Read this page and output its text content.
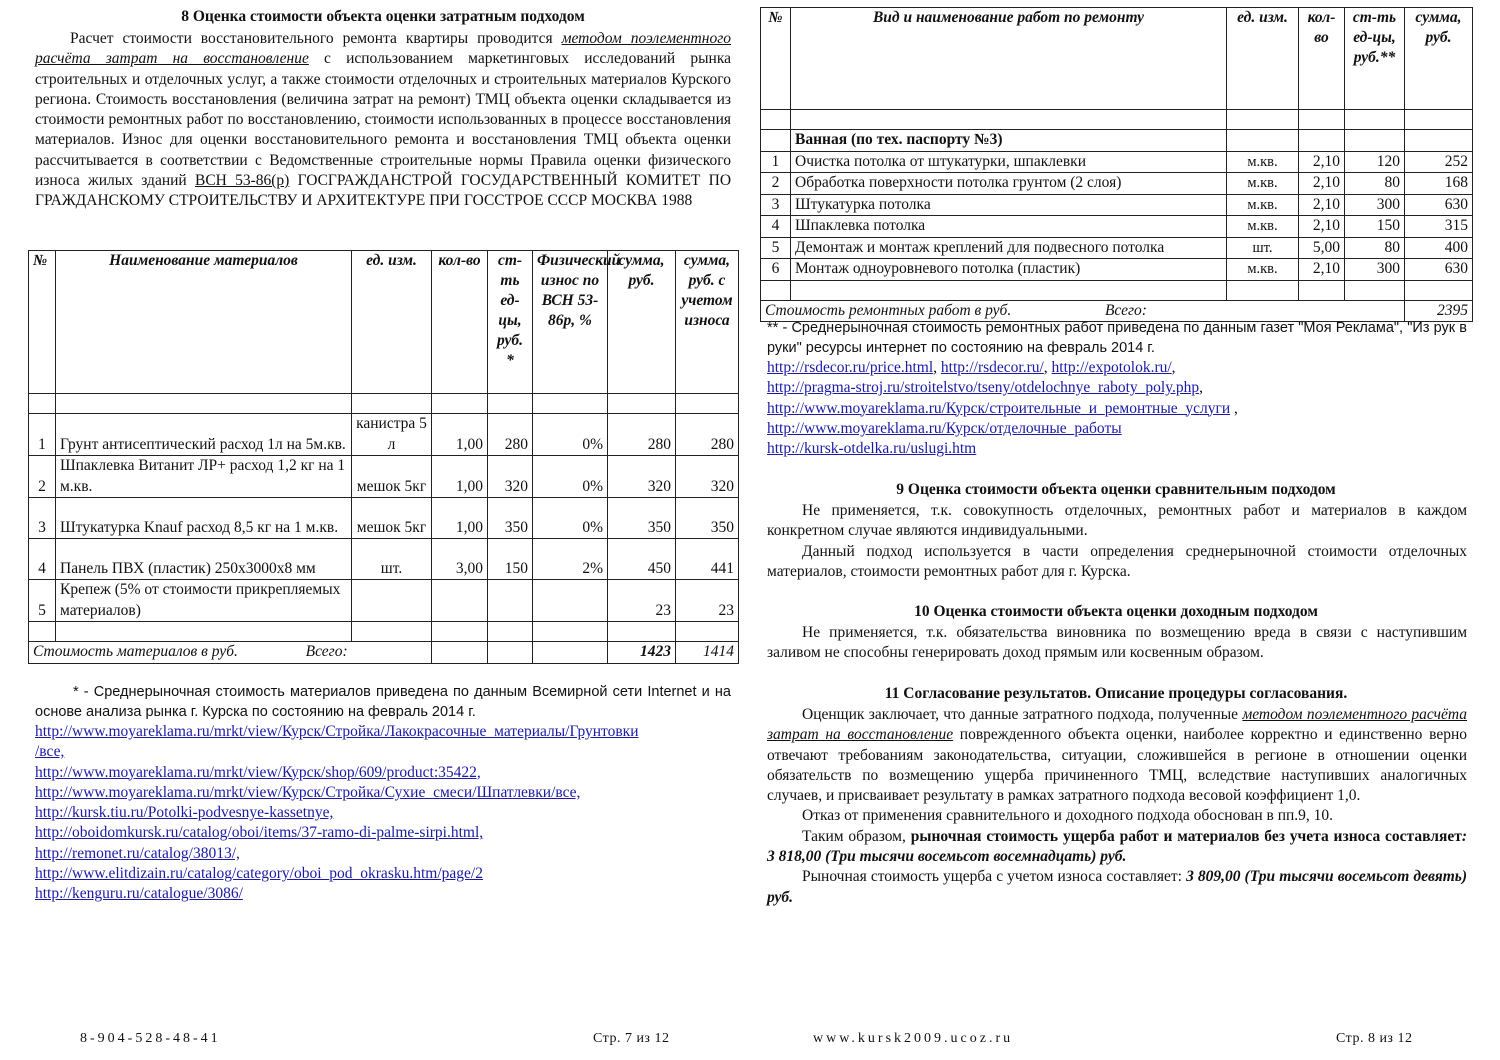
8 Оценка стоимости объекта оценки затратным подходом
Расчет стоимости восстановительного ремонта квартиры проводится методом поэлементного расчёта затрат на восстановление с использованием маркетинговых исследований рынка строительных и отделочных услуг, а также стоимости отделочных и строительных материалов Курского региона. Стоимость восстановления (величина затрат на ремонт) ТМЦ объекта оценки складывается из стоимости ремонтных работ по восстановлению, стоимости использованных в процессе восстановления материалов. Износ для оценки восстановительного ремонта и восстановления ТМЦ объекта оценки рассчитывается в соответствии с Ведомственные строительные нормы Правила оценки физического износа жилых зданий ВСН 53-86(р) ГОСГРАЖДАНСТРОЙ ГОСУДАРСТВЕННЫЙ КОМИТЕТ ПО ГРАЖДАНСКОМУ СТРОИТЕЛЬСТВУ И АРХИТЕКТУРЕ ПРИ ГОССТРОЕ СССР МОСКВА 1988
№	Наименование материалов	ед. изм.	кол-во	ст-ть ед-цы, руб. *	Физический износ по ВСН 53-86р, %	сумма, руб.	сумма, руб. с учетом износа

1	Грунт антисептический расход 1л на 5м.кв.	канистра 5 л	1,00	280	0%	280	280
2	Шпаклевка Витанит ЛР+ расход 1,2 кг на 1 м.кв.	мешок 5кг	1,00	320	0%	320	320
3	Штукатурка Knauf расход 8,5 кг на 1 м.кв.	мешок 5кг	1,00	350	0%	350	350
4	Панель ПВХ (пластик) 250х3000х8 мм	шт.	3,00	150	2%	450	441
5	Крепеж (5% от стоимости прикрепляемых материалов)					23	23

Стоимость материалов в руб. Всего:						1423	1414
* - Среднерыночная стоимость материалов приведена по данным Всемирной сети Internet и на основе анализа рынка г. Курска по состоянию на февраль 2014 г.
http://www.moyareklama.ru/mrkt/view/Курск/Стройка/Лакокрасочные_материалы/Грунтовки
/все,
http://www.moyareklama.ru/mrkt/view/Курск/shop/609/product:35422,
http://www.moyareklama.ru/mrkt/view/Курск/Стройка/Сухие_смеси/Шпатлевки/все,
http://kursk.tiu.ru/Potolki-podvesnye-kassetnye,
http://oboidomkursk.ru/catalog/oboi/items/37-ramo-di-palme-sirpi.html,
http://remonet.ru/catalog/38013/,
http://www.elitdizain.ru/catalog/category/oboi_pod_okrasku.htm/page/2
http://kenguru.ru/catalogue/3086/
8-904-528-48-41	Стр. 7 из 12
№	Вид и наименование работ по ремонту	ед. изм.	кол-во	ст-ть ед-цы, руб.**	сумма, руб.

	Ванная (по тех. паспорту №3)				
1	Очистка потолка от штукатурки, шпаклевки	м.кв.	2,10	120	252
2	Обработка поверхности потолка грунтом (2 слоя)	м.кв.	2,10	80	168
3	Штукатурка потолка	м.кв.	2,10	300	630
4	Шпаклевка потолка	м.кв.	2,10	150	315
5	Демонтаж и монтаж креплений для подвесного потолка	шт.	5,00	80	400
6	Монтаж одноуровневого потолка (пластик)	м.кв.	2,10	300	630

Стоимость ремонтных работ в руб. Всего:					2395
** - Среднерыночная стоимость ремонтных работ приведена по данным газет "Моя Реклама", "Из рук в руки" ресурсы интернет по состоянию на февраль 2014 г.
http://rsdecor.ru/price.html, http://rsdecor.ru/, http://expotolok.ru/,
http://pragma-stroj.ru/stroitelstvo/tseny/otdelochnye_raboty_poly.php,
http://www.moyareklama.ru/Курск/строительные_и_ремонтные_услуги ,
http://www.moyareklama.ru/Курск/отделочные_работы
http://kursk-otdelka.ru/uslugi.htm
9 Оценка стоимости объекта оценки сравнительным подходом
Не применяется, т.к. совокупность отделочных, ремонтных работ и материалов в каждом конкретном случае являются индивидуальными.
Данный подход используется в части определения среднерыночной стоимости отделочных материалов, стоимости ремонтных работ для г. Курска.
10 Оценка стоимости объекта оценки доходным подходом
Не применяется, т.к. обязательства виновника по возмещению вреда в связи с наступившим заливом не способны генерировать доход прямым или косвенным образом.
11 Согласование результатов. Описание процедуры согласования.
Оценщик заключает, что данные затратного подхода, полученные методом поэлементного расчёта затрат на восстановление поврежденного объекта оценки, наиболее корректно и единственно верно отвечают требованиям законодательства, ситуации, сложившейся в регионе в отношении оценки обязательств по возмещению ущерба причиненного ТМЦ, вследствие наступивших аналогичных случаев, и присваивает результату в рамках затратного подхода весовой коэффициент 1,0.
Отказ от применения сравнительного и доходного подхода обоснован в пп.9, 10.
Таким образом, рыночная стоимость ущерба работ и материалов без учета износа составляет: 3 818,00 (Три тысячи восемьсот восемнадцать) руб.
Рыночная стоимость ущерба с учетом износа составляет: 3 809,00 (Три тысячи восемьсот девять) руб.
www.kursk2009.ucoz.ru	Стр. 8 из 12
